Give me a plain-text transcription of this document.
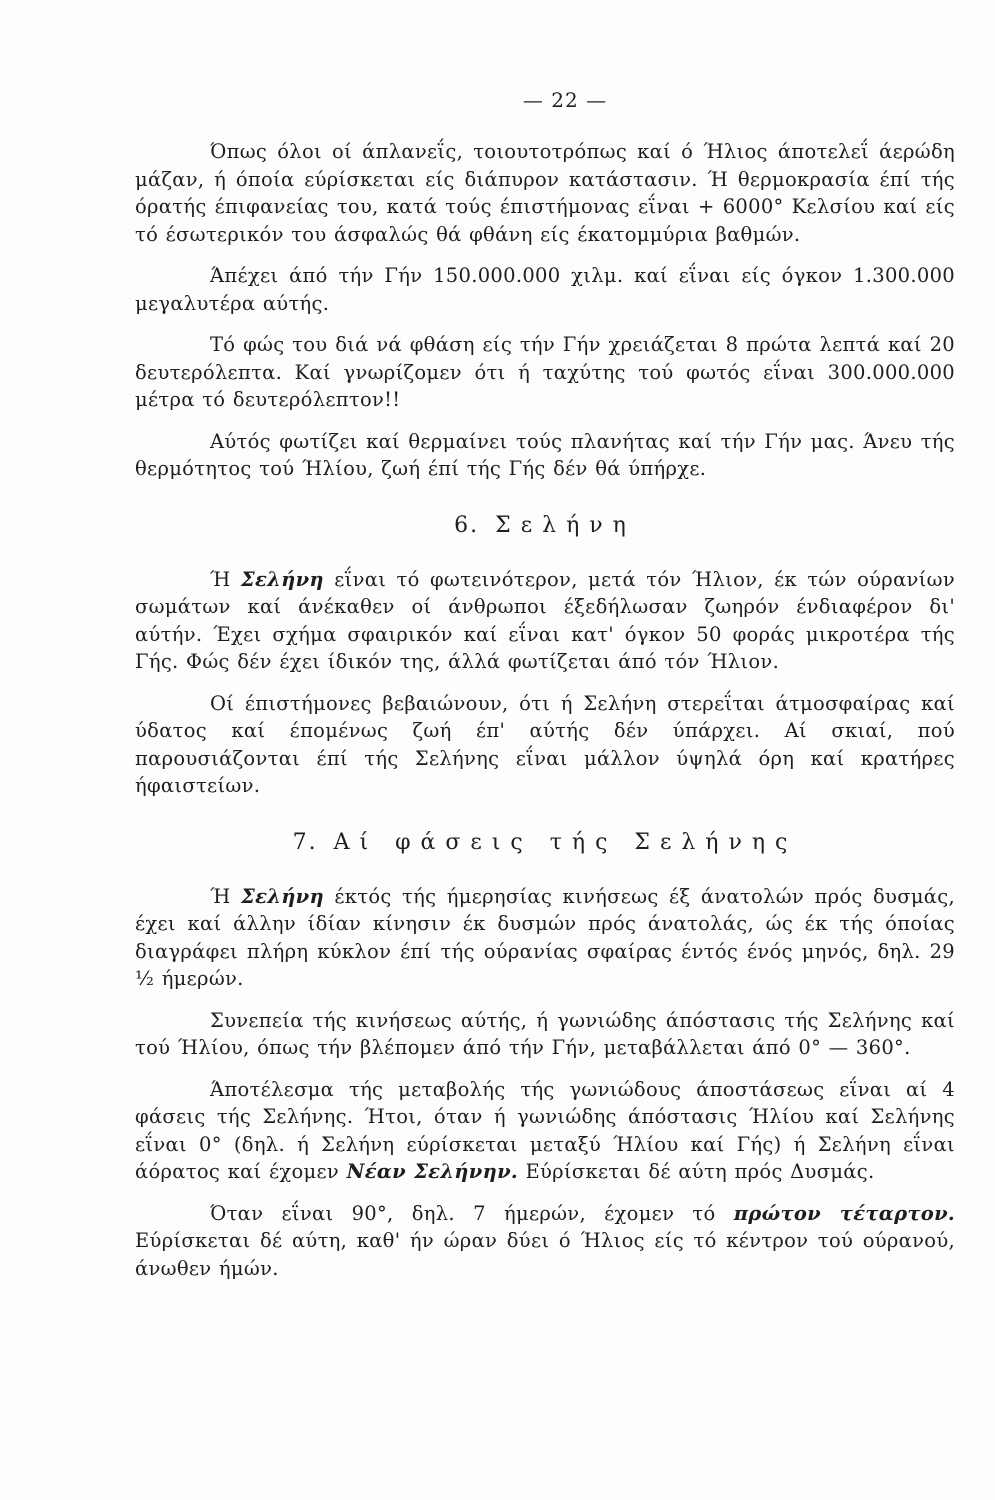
— 22 —

Όπως όλοι οί άπλανεΐς, τοιουτοτρόπως καί ό Ήλιος άποτελεΐ άερώδη μάζαν, ή όποία εύρίσκεται είς διάπυρον κατάστασιν. Ή θερμοκρασία έπί τής όρατής έπιφανείας του, κατά τούς έπιστήμονας εΐναι + 6000° Κελσίου καί είς τό έσωτερικόν του άσφαλώς θά φθάνη είς έκατομμύρια βαθμών.

Άπέχει άπό τήν Γήν 150.000.000 χιλμ. καί εΐναι είς όγκον 1.300.000 μεγαλυτέρα αύτής.

Τό φώς του διά νά φθάση είς τήν Γήν χρειάζεται 8 πρώτα λεπτά καί 20 δευτερόλεπτα. Καί γνωρίζομεν ότι ή ταχύτης τού φωτός εΐναι 300.000.000 μέτρα τό δευτερόλεπτον!!

Αύτός φωτίζει καί θερμαίνει τούς πλανήτας καί τήν Γήν μας. Άνευ τής θερμότητος τού Ήλίου, ζωή έπί τής Γής δέν θά ύπήρχε.

6. Σελήνη

Ή Σελήνη εΐναι τό φωτεινότερον, μετά τόν Ήλιον, έκ τών ούρανίων σωμάτων καί άνέκαθεν οί άνθρωποι έξεδήλωσαν ζωηρόν ένδιαφέρον δι' αύτήν. Έχει σχήμα σφαιρικόν καί εΐναι κατ' όγκον 50 φοράς μικροτέρα τής Γής. Φώς δέν έχει ίδικόν της, άλλά φωτίζεται άπό τόν Ήλιον.

Οί έπιστήμονες βεβαιώνουν, ότι ή Σελήνη στερεΐται άτμοσφαίρας καί ύδατος καί έπομένως ζωή έπ' αύτής δέν ύπάρχει. Αί σκιαί, πού παρουσιάζονται έπί τής Σελήνης εΐναι μάλλον ύψηλά όρη καί κρατήρες ήφαιστείων.

7. Αί φάσεις τής Σελήνης

Ή Σελήνη έκτός τής ήμερησίας κινήσεως έξ άνατολών πρός δυσμάς, έχει καί άλλην ίδίαν κίνησιν έκ δυσμών πρός άνατολάς, ώς έκ τής όποίας διαγράφει πλήρη κύκλον έπί τής ούρανίας σφαίρας έντός ένός μηνός, δηλ. 29 ½ ήμερών.

Συνεπεία τής κινήσεως αύτής, ή γωνιώδης άπόστασις τής Σελήνης καί τού Ήλίου, όπως τήν βλέπομεν άπό τήν Γήν, μεταβάλλεται άπό 0° — 360°.

Άποτέλεσμα τής μεταβολής τής γωνιώδους άποστάσεως εΐναι αί 4 φάσεις τής Σελήνης. Ήτοι, όταν ή γωνιώδης άπόστασις Ήλίου καί Σελήνης εΐναι 0° (δηλ. ή Σελήνη εύρίσκεται μεταξύ Ήλίου καί Γής) ή Σελήνη εΐναι άόρατος καί έχομεν Νέαν Σελήνην. Εύρίσκεται δέ αύτη πρός Δυσμάς.

Όταν εΐναι 90°, δηλ. 7 ήμερών, έχομεν τό πρώτον τέταρτον. Εύρίσκεται δέ αύτη, καθ' ήν ώραν δύει ό Ήλιος είς τό κέντρον τού ούρανού, άνωθεν ήμών.
